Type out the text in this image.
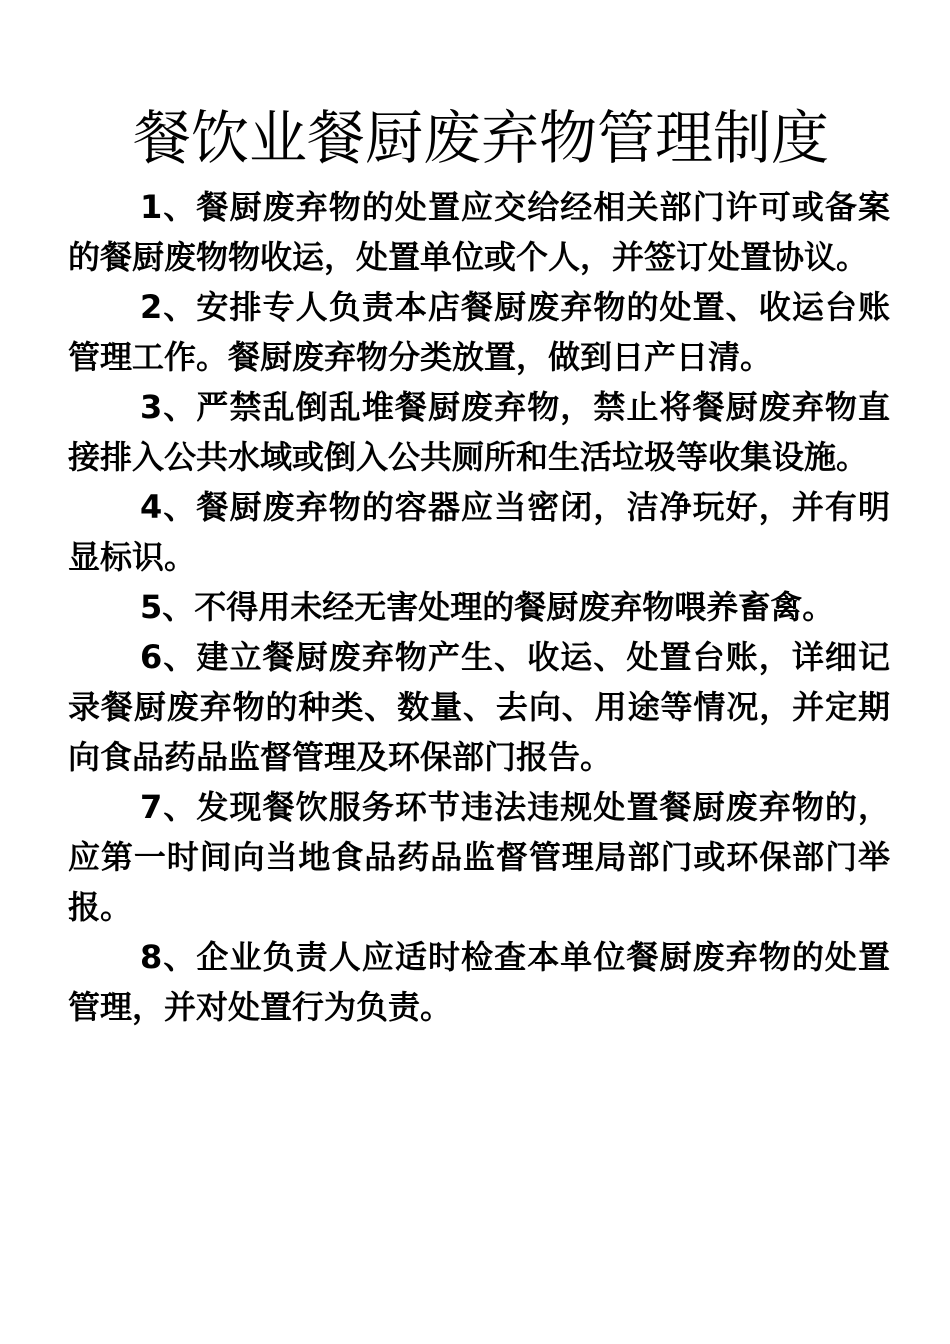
餐饮业餐厨废弃物管理制度

1、餐厨废弃物的处置应交给经相关部门许可或备案的餐厨废物物收运，处置单位或个人，并签订处置协议。

2、安排专人负责本店餐厨废弃物的处置、收运台账管理工作。餐厨废弃物分类放置，做到日产日清。

3、严禁乱倒乱堆餐厨废弃物，禁止将餐厨废弃物直接排入公共水域或倒入公共厕所和生活垃圾等收集设施。

4、餐厨废弃物的容器应当密闭，洁净玩好，并有明显标识。

5、不得用未经无害处理的餐厨废弃物喂养畜禽。

6、建立餐厨废弃物产生、收运、处置台账，详细记录餐厨废弃物的种类、数量、去向、用途等情况，并定期向食品药品监督管理及环保部门报告。

7、发现餐饮服务环节违法违规处置餐厨废弃物的，应第一时间向当地食品药品监督管理局部门或环保部门举报。

8、企业负责人应适时检查本单位餐厨废弃物的处置管理，并对处置行为负责。
